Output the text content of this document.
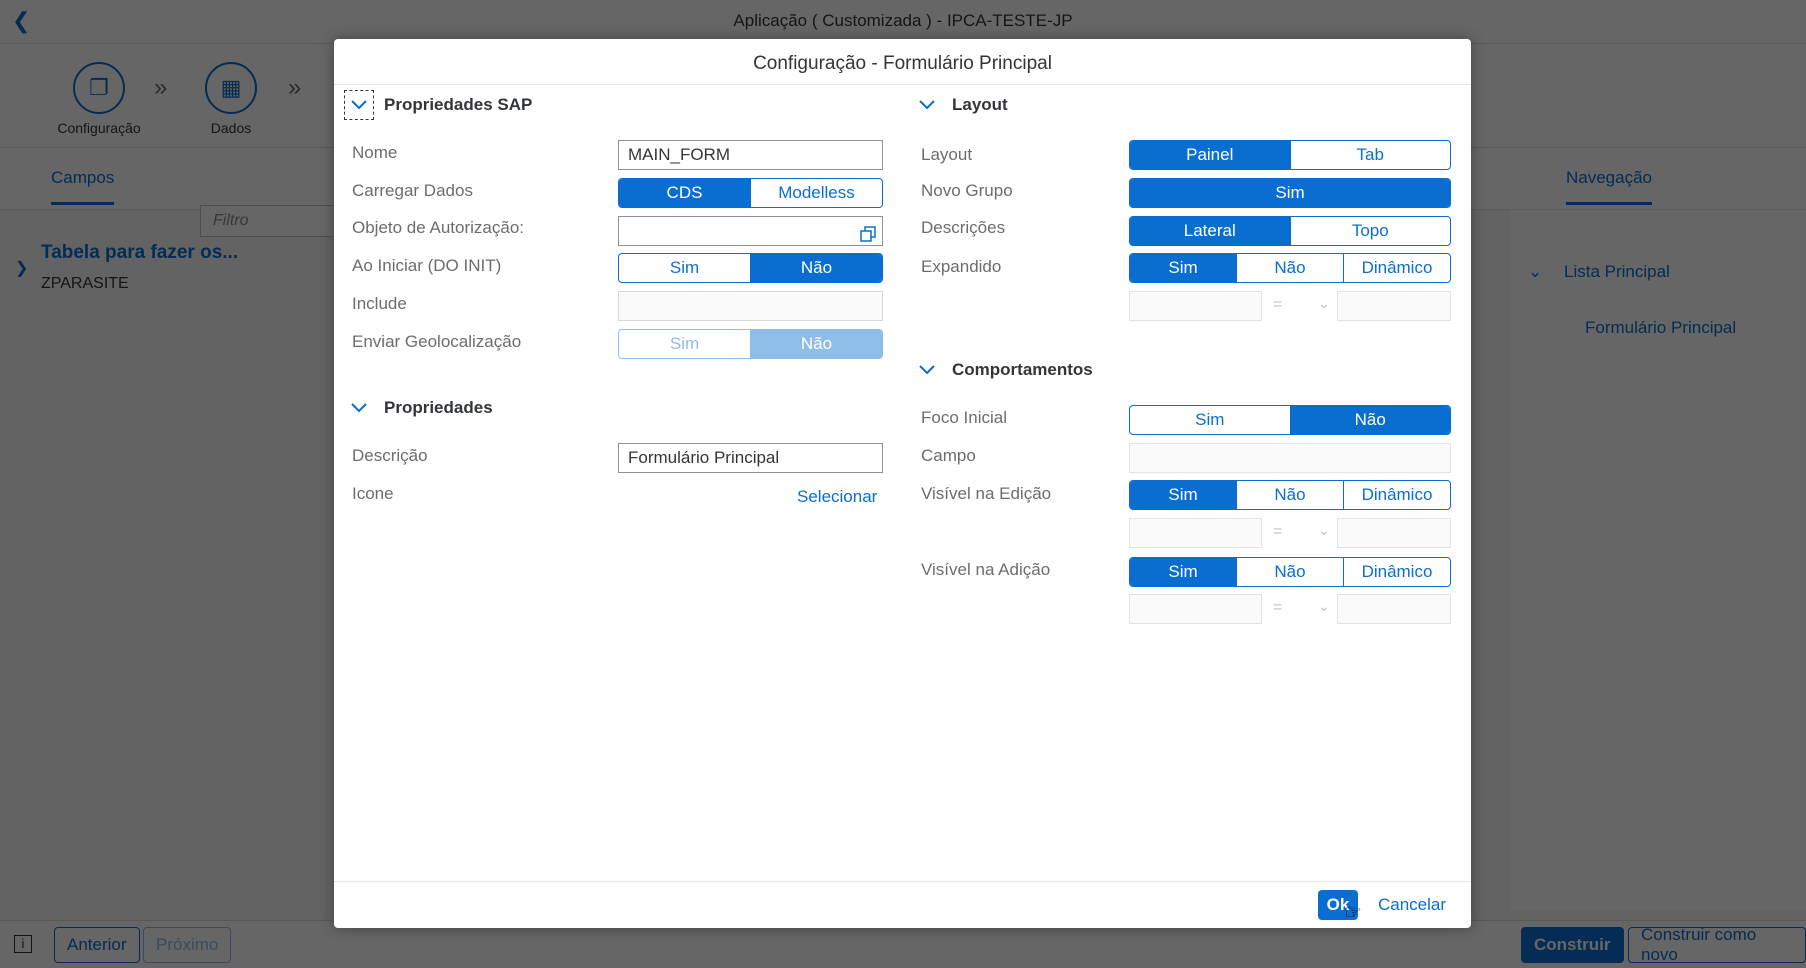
Configuração - Formulário Principal
Propriedades SAP
Nome	MAIN_FORM
Carregar Dados	CDS	Modelless
Objeto de Autorização:
Ao Iniciar (DO INIT)	Sim	Não
Include
Enviar Geolocalização	Sim	Não
Propriedades
Descrição	Formulário Principal
Icone	Selecionar
Layout
Layout	Painel	Tab
Novo Grupo	Sim
Descrições	Lateral	Topo
Expandido	Sim	Não	Dinâmico
=	⌄
Comportamentos
Foco Inicial	Sim	Não
Campo
Visível na Edição	Sim	Não	Dinâmico
=	⌄
Visível na Adição	Sim	Não	Dinâmico
=	⌄
Ok	Cancelar
☞
